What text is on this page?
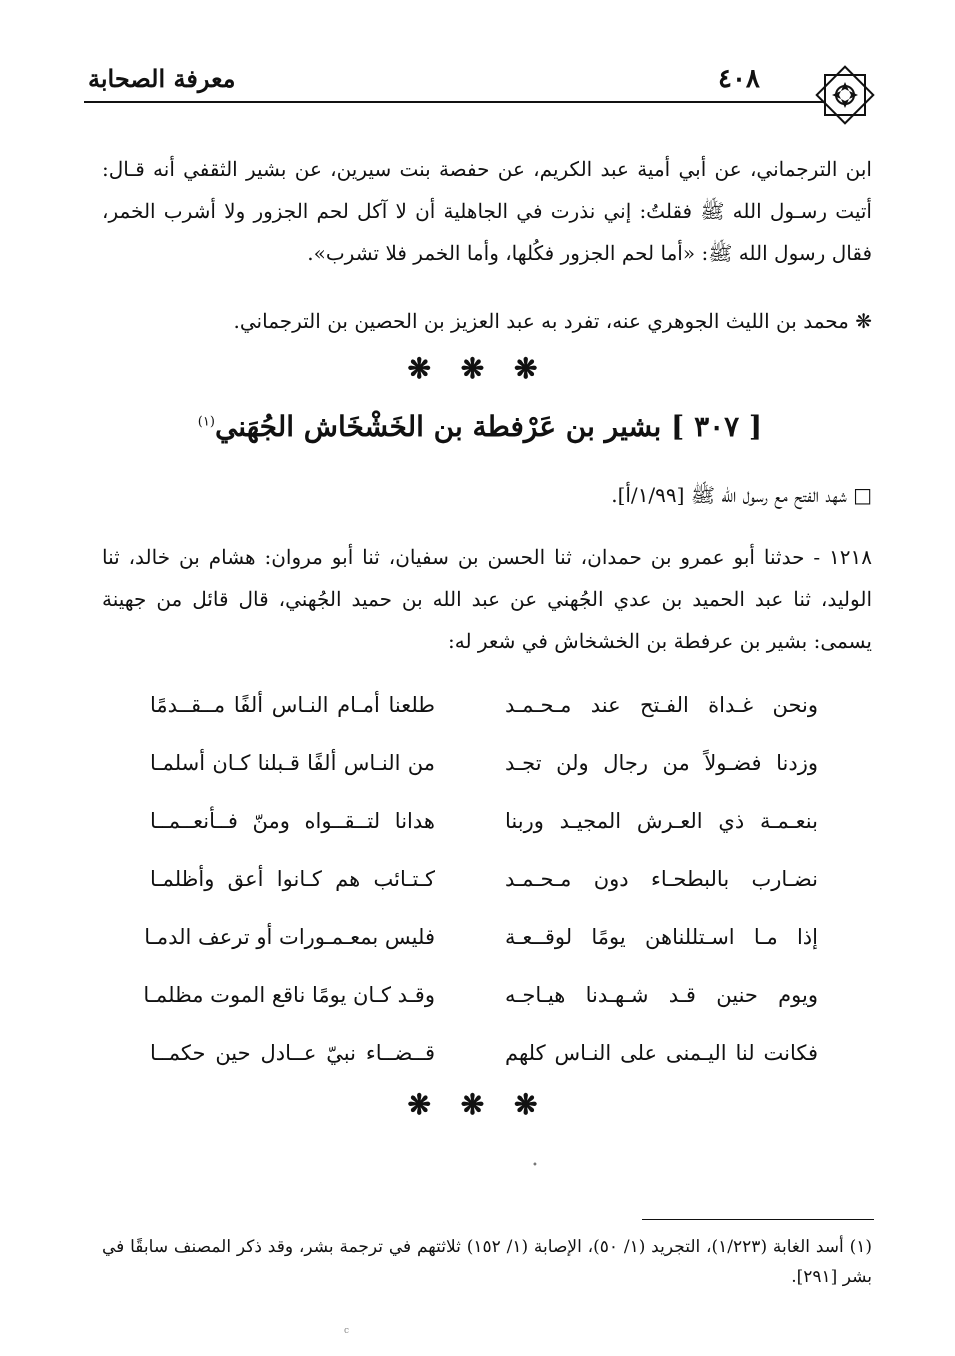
٤٠٨
معرفة الصحابة
ابن الترجماني، عن أبي أمية عبد الكريم، عن حفصة بنت سيرين، عن بشير الثقفي أنه قـال: أتيت رسـول الله ﷺ فقلتُ: إني نذرت في الجاهلية أن لا آكل لحم الجزور ولا أشرب الخمر، فقال رسول الله ﷺ: «أما لحم الجزور فكُلها، وأما الخمر فلا تشرب».
❋ محمد بن الليث الجوهري عنه، تفرد به عبد العزيز بن الحصين بن الترجماني.
❋ ❋ ❋
[ ٣٠٧ ] بشير بن عَرْفطة بن الخَشْخَاش الجُهَني$^{(١)}$
□ شهد الفتح مع رسول الله ﷺ [١/٩٩/أ].
١٢١٨ - حدثنا أبو عمرو بن حمدان، ثنا الحسن بن سفيان، ثنا أبو مروان: هشام بن خالد، ثنا الوليد، ثنا عبد الحميد بن عدي الجُهني عن عبد الله بن حميد الجُهني، قال قائل من جهينة يسمى: بشير بن عرفطة بن الخشخاش في شعر له:
ونحن غـداة الفـتح عند مـحـمـد
طلعنا أمـام النـاس ألفًا مــقــدمًا
وزدنا فضـولاً من رجال ولن تجـد
من النـاس ألفًا قـبلنا كـان أسلمـا
بنعـمـة ذي العـرش المجيـد وربنا
هدانا لتــقــواه ومنّ فــأنعــمــا
نضـارب بالبطحـاء دون مـحـمـد
كـتـائب هم كـانوا أعق وأظلمـا
إذا مـا اسـتللناهن يومًا لوقــعـة
فليس بمعـمـورات أو ترعف الدمـا
ويوم حنين قـد شـهـدنا هيـاجـه
وقـد كـان يومًا ناقع الموت مظلمـا
فكانت لنا اليـمنى على النـاس كلهم
قــضــاء نبيّ عــادل حين حكمــا
❋ ❋ ❋
•
(١) أسد الغابة (١/٢٢٣)، التجريد (١/ ٥٠)، الإصابة (١/ ١٥٢) ثلاثتهم في ترجمة بشر، وقد ذكر المصنف سابقًا في بشر [٢٩١].
c
